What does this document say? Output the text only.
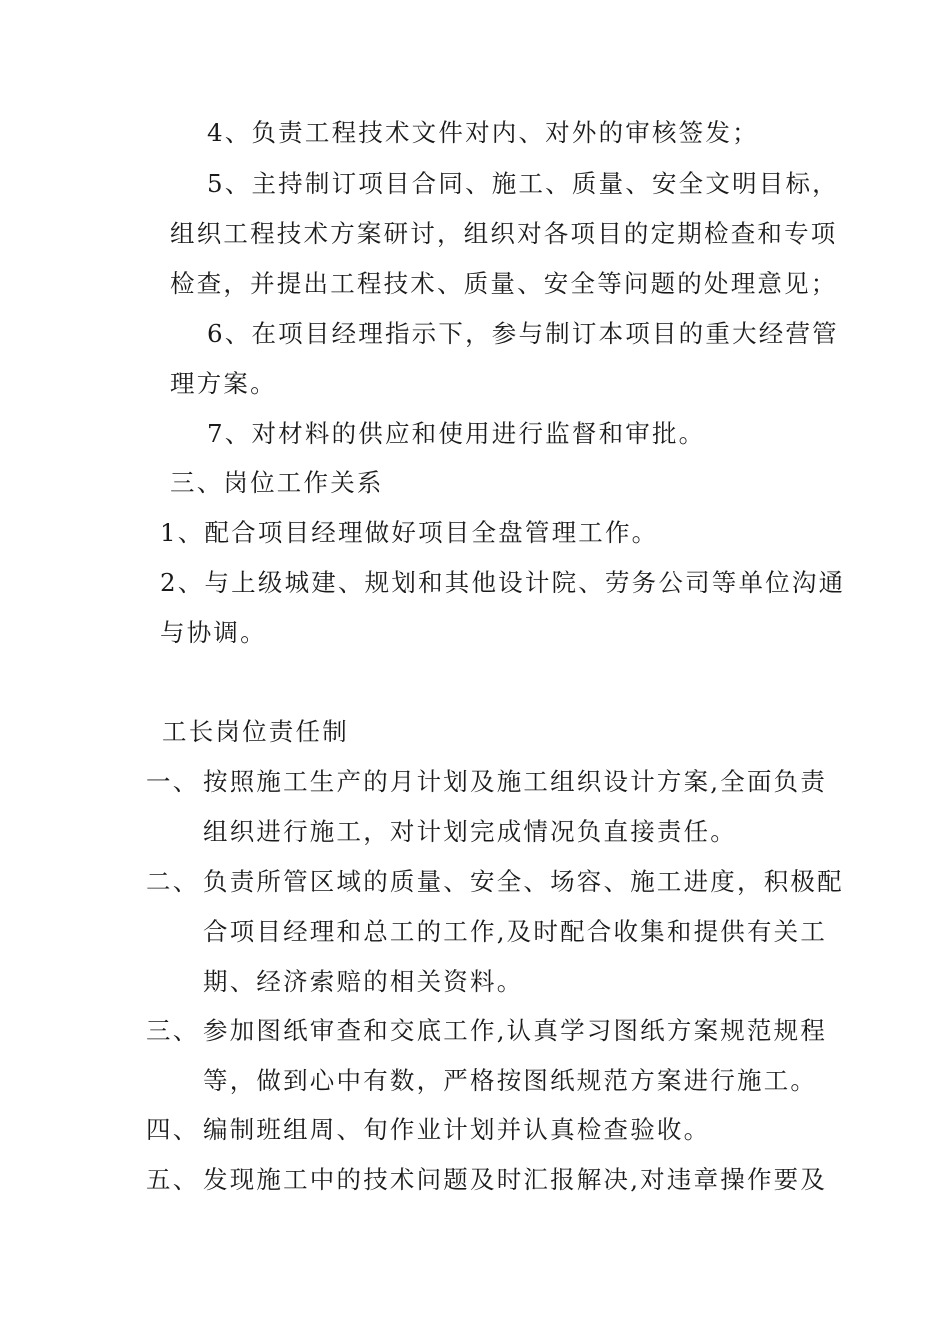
4、负责工程技术文件对内、对外的审核签发；
5、主持制订项目合同、施工、质量、安全文明目标，
组织工程技术方案研讨，组织对各项目的定期检查和专项
检查，并提出工程技术、质量、安全等问题的处理意见；
6、在项目经理指示下，参与制订本项目的重大经营管
理方案。
7、对材料的供应和使用进行监督和审批。
三、岗位工作关系
1、配合项目经理做好项目全盘管理工作。
2、与上级城建、规划和其他设计院、劳务公司等单位沟通
与协调。
工长岗位责任制
一、 按照施工生产的月计划及施工组织设计方案,全面负责
组织进行施工，对计划完成情况负直接责任。
二、 负责所管区域的质量、安全、场容、施工进度，积极配
合项目经理和总工的工作,及时配合收集和提供有关工
期、经济索赔的相关资料。
三、 参加图纸审查和交底工作,认真学习图纸方案规范规程
等，做到心中有数，严格按图纸规范方案进行施工。
四、 编制班组周、旬作业计划并认真检查验收。
五、 发现施工中的技术问题及时汇报解决,对违章操作要及
